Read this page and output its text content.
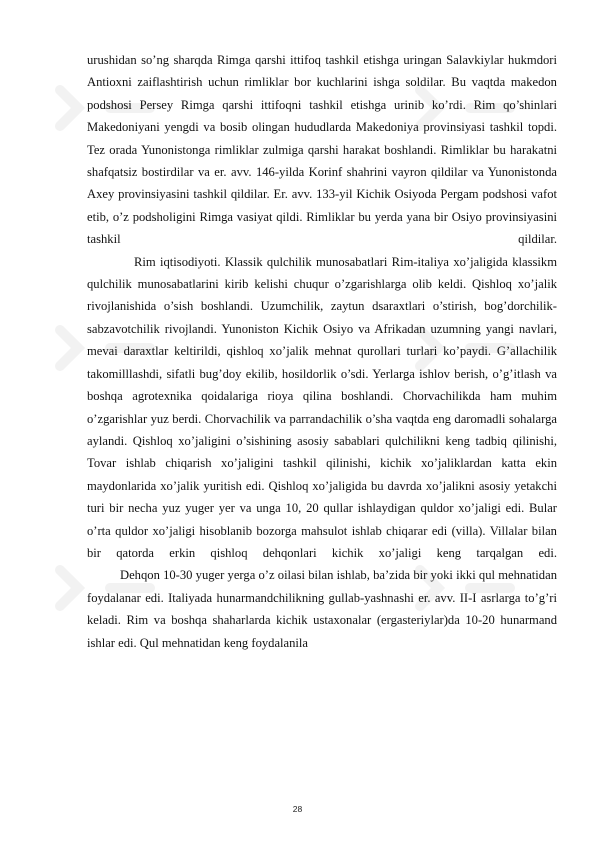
urushidan so’ng sharqda Rimga qarshi ittifoq tashkil etishga uringan Salavkiylar hukmdori Antioxni zaiflashtirish uchun rimliklar bor kuchlarini ishga soldilar. Bu vaqtda makedon podshosi Persey Rimga qarshi ittifoqni tashkil etishga urinib ko’rdi. Rim qo’shinlari Makedoniyani yengdi va bosib olingan hududlarda Makedoniya provinsiyasi tashkil topdi. Tez orada Yunonistonga rimliklar zulmiga qarshi harakat boshlandi. Rimliklar bu harakatni shafqatsiz bostirdilar va er. avv. 146-yilda Korinf shahrini vayron qildilar va Yunonistonda Axey provinsiyasini tashkil qildilar. Er. avv. 133-yil Kichik Osiyoda Pergam podshosi vafot etib, o’z podsholigini Rimga vasiyat qildi. Rimliklar bu yerda yana bir Osiyo provinsiyasini tashkil qildilar.

Rim iqtisodiyoti. Klassik qulchilik munosabatlari Rim-italiya xo’jaligida klassikm qulchilik munosabatlarini kirib kelishi chuqur o’zgarishlarga olib keldi. Qishloq xo’jalik rivojlanishida o’sish boshlandi. Uzumchilik, zaytun dsaraxtlari o’stirish, bog’dorchilik-sabzavotchilik rivojlandi. Yunoniston Kichik Osiyo va Afrikadan uzumning yangi navlari, mevai daraxtlar keltirildi, qishloq xo’jalik mehnat qurollari turlari ko’paydi. G’allachilik takomilllashdi, sifatli bug’doy ekilib, hosildorlik o’sdi. Yerlarga ishlov berish, o’g’itlash va boshqa agrotexnika qoidalariga rioya qilina boshlandi. Chorvachilikda ham muhim o’zgarishlar yuz berdi. Chorvachilik va parrandachilik o’sha vaqtda eng daromadli sohalarga aylandi. Qishloq xo’jaligini o’sishining asosiy sabablari qulchilikni keng tadbiq qilinishi, Tovar ishlab chiqarish xo’jaligini tashkil qilinishi, kichik xo’jaliklardan katta ekin maydonlarida xo’jalik yuritish edi. Qishloq xo’jaligida bu davrda xo’jalikni asosiy yetakchi turi bir necha yuz yuger yer va unga 10, 20 qullar ishlaydigan quldor xo’jaligi edi. Bular o’rta quldor xo’jaligi hisoblanib bozorga mahsulot ishlab chiqarar edi (villa). Villalar bilan bir qatorda erkin qishloq dehqonlari kichik xo’jaligi keng tarqalgan edi.

Dehqon 10-30 yuger yerga o’z oilasi bilan ishlab, ba’zida bir yoki ikki qul mehnatidan foydalanar edi. Italiyada hunarmandchilikning gullab-yashnashi er. avv. II-I asrlarga to’g’ri keladi. Rim va boshqa shaharlarda kichik ustaxonalar (ergasteriylar)da 10-20 hunarmand ishlar edi. Qul mehnatidan keng foydalanila

28
